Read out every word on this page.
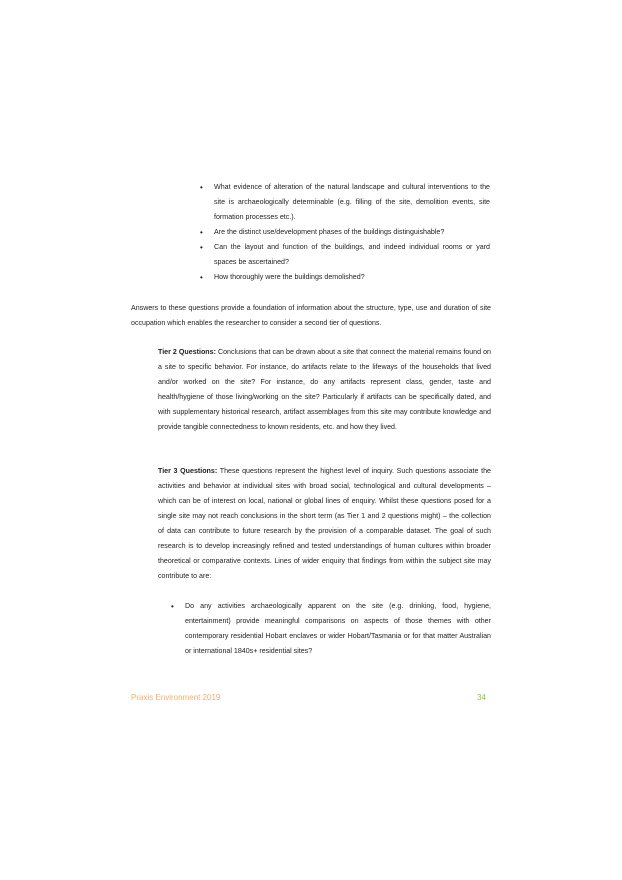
• What evidence of alteration of the natural landscape and cultural interventions to the site is archaeologically determinable (e.g. filling of the site, demolition events, site formation processes etc.).
• Are the distinct use/development phases of the buildings distinguishable?
• Can the layout and function of the buildings, and indeed individual rooms or yard spaces be ascertained?
• How thoroughly were the buildings demolished?

Answers to these questions provide a foundation of information about the structure, type, use and duration of site occupation which enables the researcher to consider a second tier of questions.

Tier 2 Questions: Conclusions that can be drawn about a site that connect the material remains found on a site to specific behavior. For instance, do artifacts relate to the lifeways of the households that lived and/or worked on the site? For instance, do any artifacts represent class, gender, taste and health/hygiene of those living/working on the site? Particularly if artifacts can be specifically dated, and with supplementary historical research, artifact assemblages from this site may contribute knowledge and provide tangible connectedness to known residents, etc. and how they lived.

Tier 3 Questions: These questions represent the highest level of inquiry. Such questions associate the activities and behavior at individual sites with broad social, technological and cultural developments – which can be of interest on local, national or global lines of enquiry. Whilst these questions posed for a single site may not reach conclusions in the short term (as Tier 1 and 2 questions might) – the collection of data can contribute to future research by the provision of a comparable dataset. The goal of such research is to develop increasingly refined and tested understandings of human cultures within broader theoretical or comparative contexts. Lines of wider enquiry that findings from within the subject site may contribute to are:

• Do any activities archaeologically apparent on the site (e.g. drinking, food, hygiene, entertainment) provide meaningful comparisons on aspects of those themes with other contemporary residential Hobart enclaves or wider Hobart/Tasmania or for that matter Australian or international 1840s+ residential sites?
Praxis Environment 2019	34
